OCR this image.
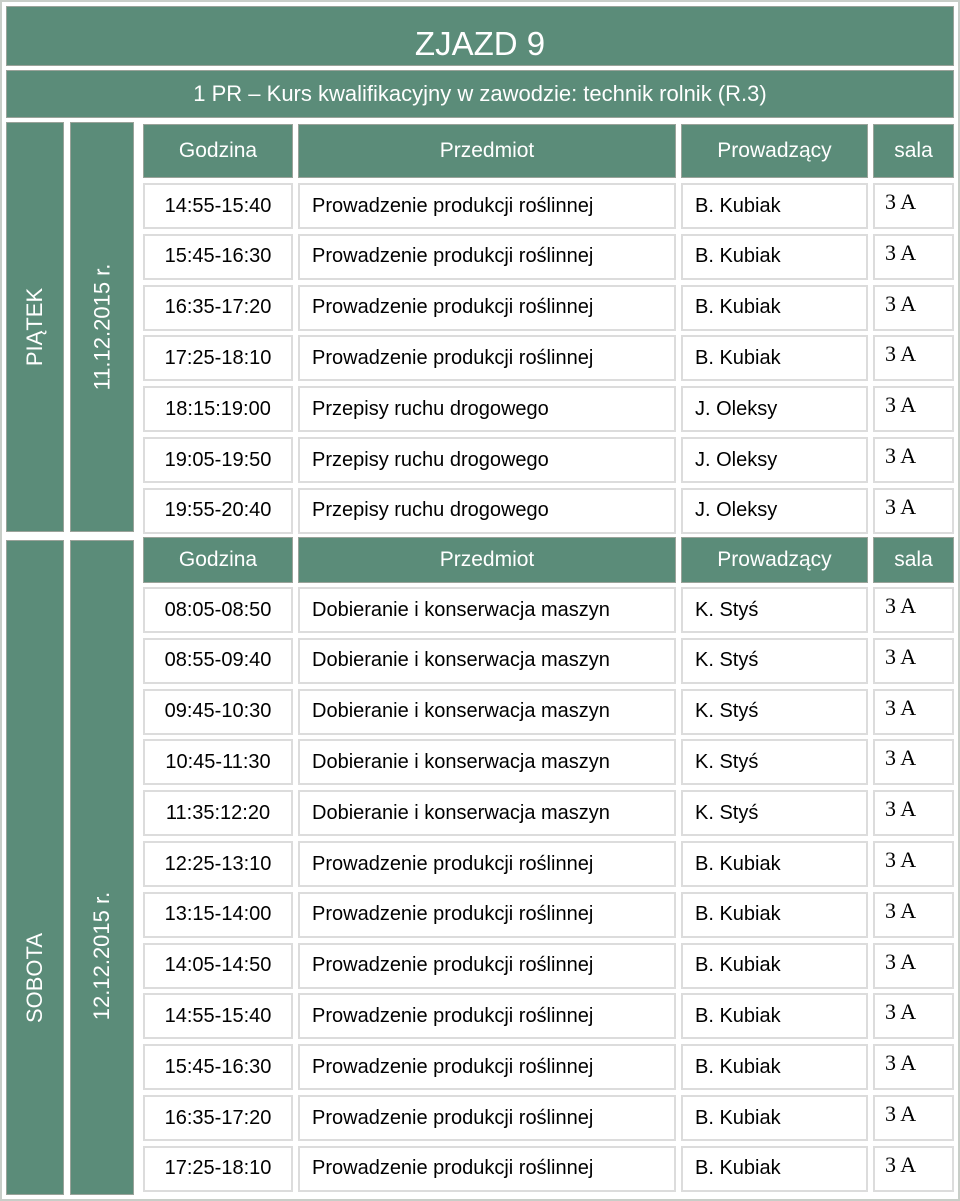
ZJAZD 9
1 PR – Kurs kwalifikacyjny w zawodzie: technik rolnik (R.3)
PIĄTEK 11.12.2015 r.
Godzina	Przedmiot	Prowadzący	sala
14:55-15:40	Prowadzenie produkcji roślinnej	B. Kubiak	3 A
15:45-16:30	Prowadzenie produkcji roślinnej	B. Kubiak	3 A
16:35-17:20	Prowadzenie produkcji roślinnej	B. Kubiak	3 A
17:25-18:10	Prowadzenie produkcji roślinnej	B. Kubiak	3 A
18:15:19:00	Przepisy ruchu drogowego	J. Oleksy	3 A
19:05-19:50	Przepisy ruchu drogowego	J. Oleksy	3 A
19:55-20:40	Przepisy ruchu drogowego	J. Oleksy	3 A
SOBOTA 12.12.2015 r.
Godzina	Przedmiot	Prowadzący	sala
08:05-08:50	Dobieranie i konserwacja maszyn	K. Styś	3 A
08:55-09:40	Dobieranie i konserwacja maszyn	K. Styś	3 A
09:45-10:30	Dobieranie i konserwacja maszyn	K. Styś	3 A
10:45-11:30	Dobieranie i konserwacja maszyn	K. Styś	3 A
11:35:12:20	Dobieranie i konserwacja maszyn	K. Styś	3 A
12:25-13:10	Prowadzenie produkcji roślinnej	B. Kubiak	3 A
13:15-14:00	Prowadzenie produkcji roślinnej	B. Kubiak	3 A
14:05-14:50	Prowadzenie produkcji roślinnej	B. Kubiak	3 A
14:55-15:40	Prowadzenie produkcji roślinnej	B. Kubiak	3 A
15:45-16:30	Prowadzenie produkcji roślinnej	B. Kubiak	3 A
16:35-17:20	Prowadzenie produkcji roślinnej	B. Kubiak	3 A
17:25-18:10	Prowadzenie produkcji roślinnej	B. Kubiak	3 A
